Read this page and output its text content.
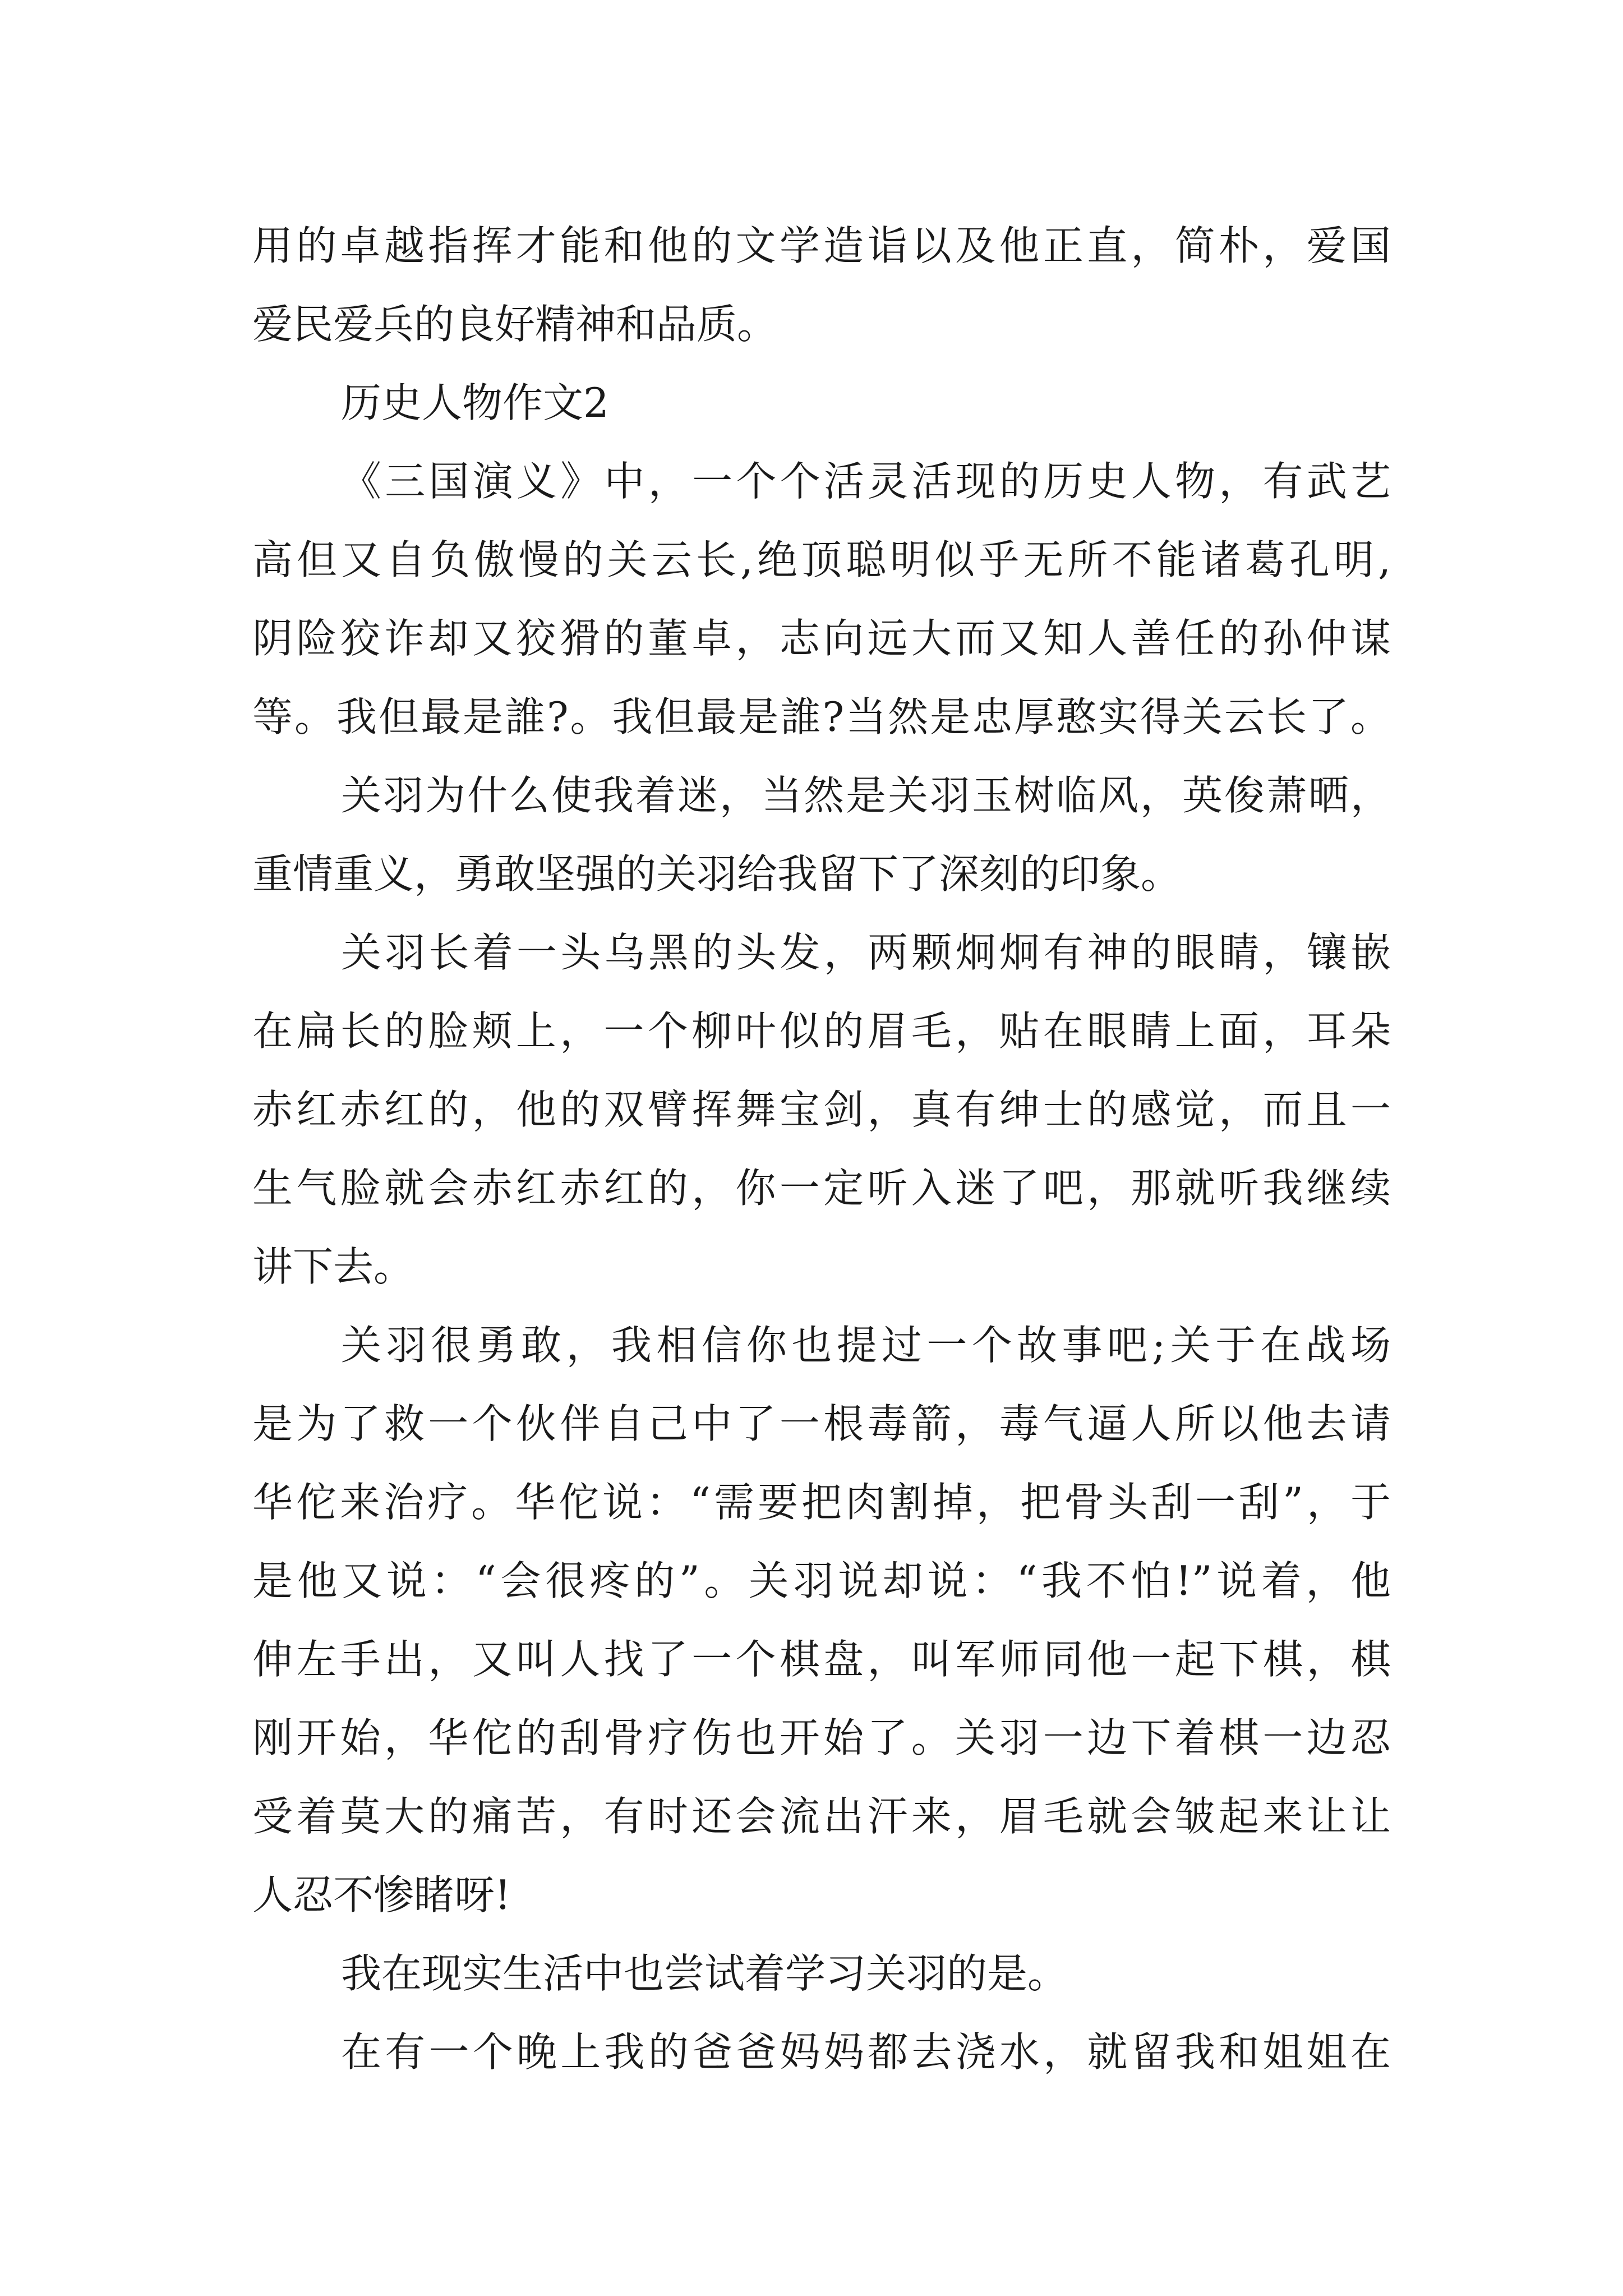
用的卓越指挥才能和他的文学造诣以及他正直，简朴，爱国
爱民爱兵的良好精神和品质。
历史人物作文2
《三国演义》中，一个个活灵活现的历史人物，有武艺
高但又自负傲慢的关云长,绝顶聪明似乎无所不能诸葛孔明,
阴险狡诈却又狡猾的董卓，志向远大而又知人善任的孙仲谋
等。我但最是誰?。我但最是誰?当然是忠厚憨实得关云长了。
关羽为什么使我着迷，当然是关羽玉树临风，英俊萧晒，
重情重义，勇敢坚强的关羽给我留下了深刻的印象。
关羽长着一头乌黑的头发，两颗炯炯有神的眼睛，镶嵌
在扁长的脸颊上，一个柳叶似的眉毛，贴在眼睛上面，耳朵
赤红赤红的，他的双臂挥舞宝剑，真有绅士的感觉，而且一
生气脸就会赤红赤红的，你一定听入迷了吧，那就听我继续
讲下去。
关羽很勇敢，我相信你也提过一个故事吧;关于在战场
是为了救一个伙伴自己中了一根毒箭，毒气逼人所以他去请
华佗来治疗。华佗说：“需要把肉割掉，把骨头刮一刮”，于
是他又说：“会很疼的”。关羽说却说：“我不怕!”说着，他
伸左手出，又叫人找了一个棋盘，叫军师同他一起下棋，棋
刚开始，华佗的刮骨疗伤也开始了。关羽一边下着棋一边忍
受着莫大的痛苦，有时还会流出汗来，眉毛就会皱起来让让
人忍不惨睹呀!
我在现实生活中也尝试着学习关羽的是。
在有一个晚上我的爸爸妈妈都去浇水，就留我和姐姐在
